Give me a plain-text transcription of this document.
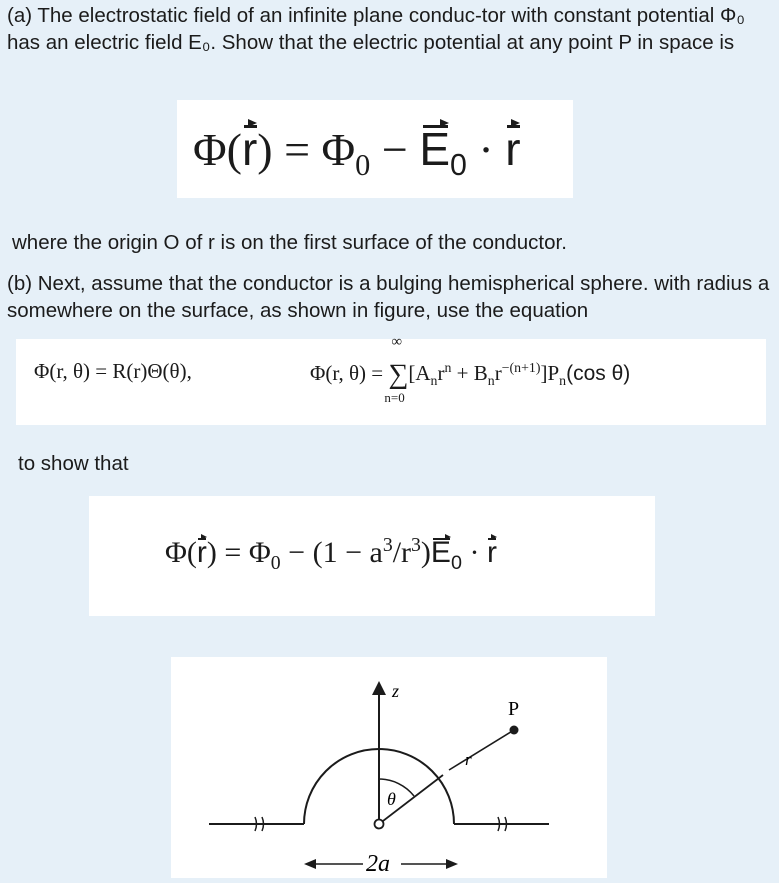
(a) The electrostatic field of an infinite plane conduc-tor with constant potential Φ₀ has an electric field E₀. Show that the electric potential at any point P in space is

$\Phi(r) = \Phi_0 - E_0 \cdot r$

where the origin O of r is on the first surface of the conductor.

(b) Next, assume that the conductor is a bulging hemispherical sphere. with radius a somewhere on the surface, as shown in figure, use the equation

Φ(r, θ) = R(r)Θ(θ),	Φ(r, θ) =
∞
∑
n=0
$[A_nr^n + B_nr^{-(n+1)}]P_n(\cos$ θ)

to show that

$\Phi(r) = \Phi_0 - (1 - a^3/r^3)E_0 \cdot r$
z
P
r
θ
2a
